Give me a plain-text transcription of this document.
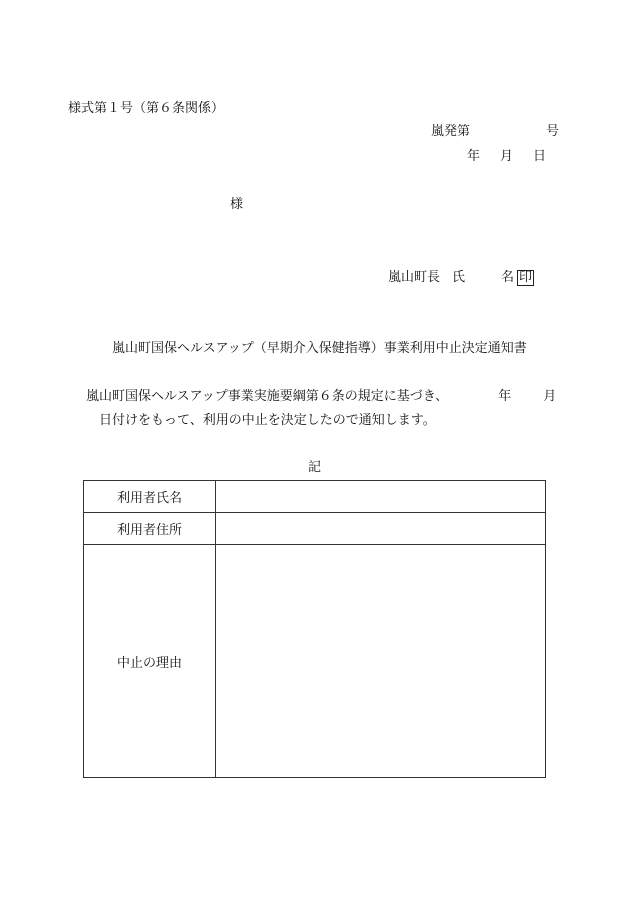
様式第１号（第６条関係）
嵐発第	号
年 月 日
様
嵐山町長 氏	名 印
嵐山町国保ヘルスアップ（早期介入保健指導）事業利用中止決定通知書
嵐山町国保ヘルスアップ事業実施要綱第６条の規定に基づき、	年 月
日付けをもって、利用の中止を決定したので通知します。
記
利用者氏名	
利用者住所	
中止の理由	
